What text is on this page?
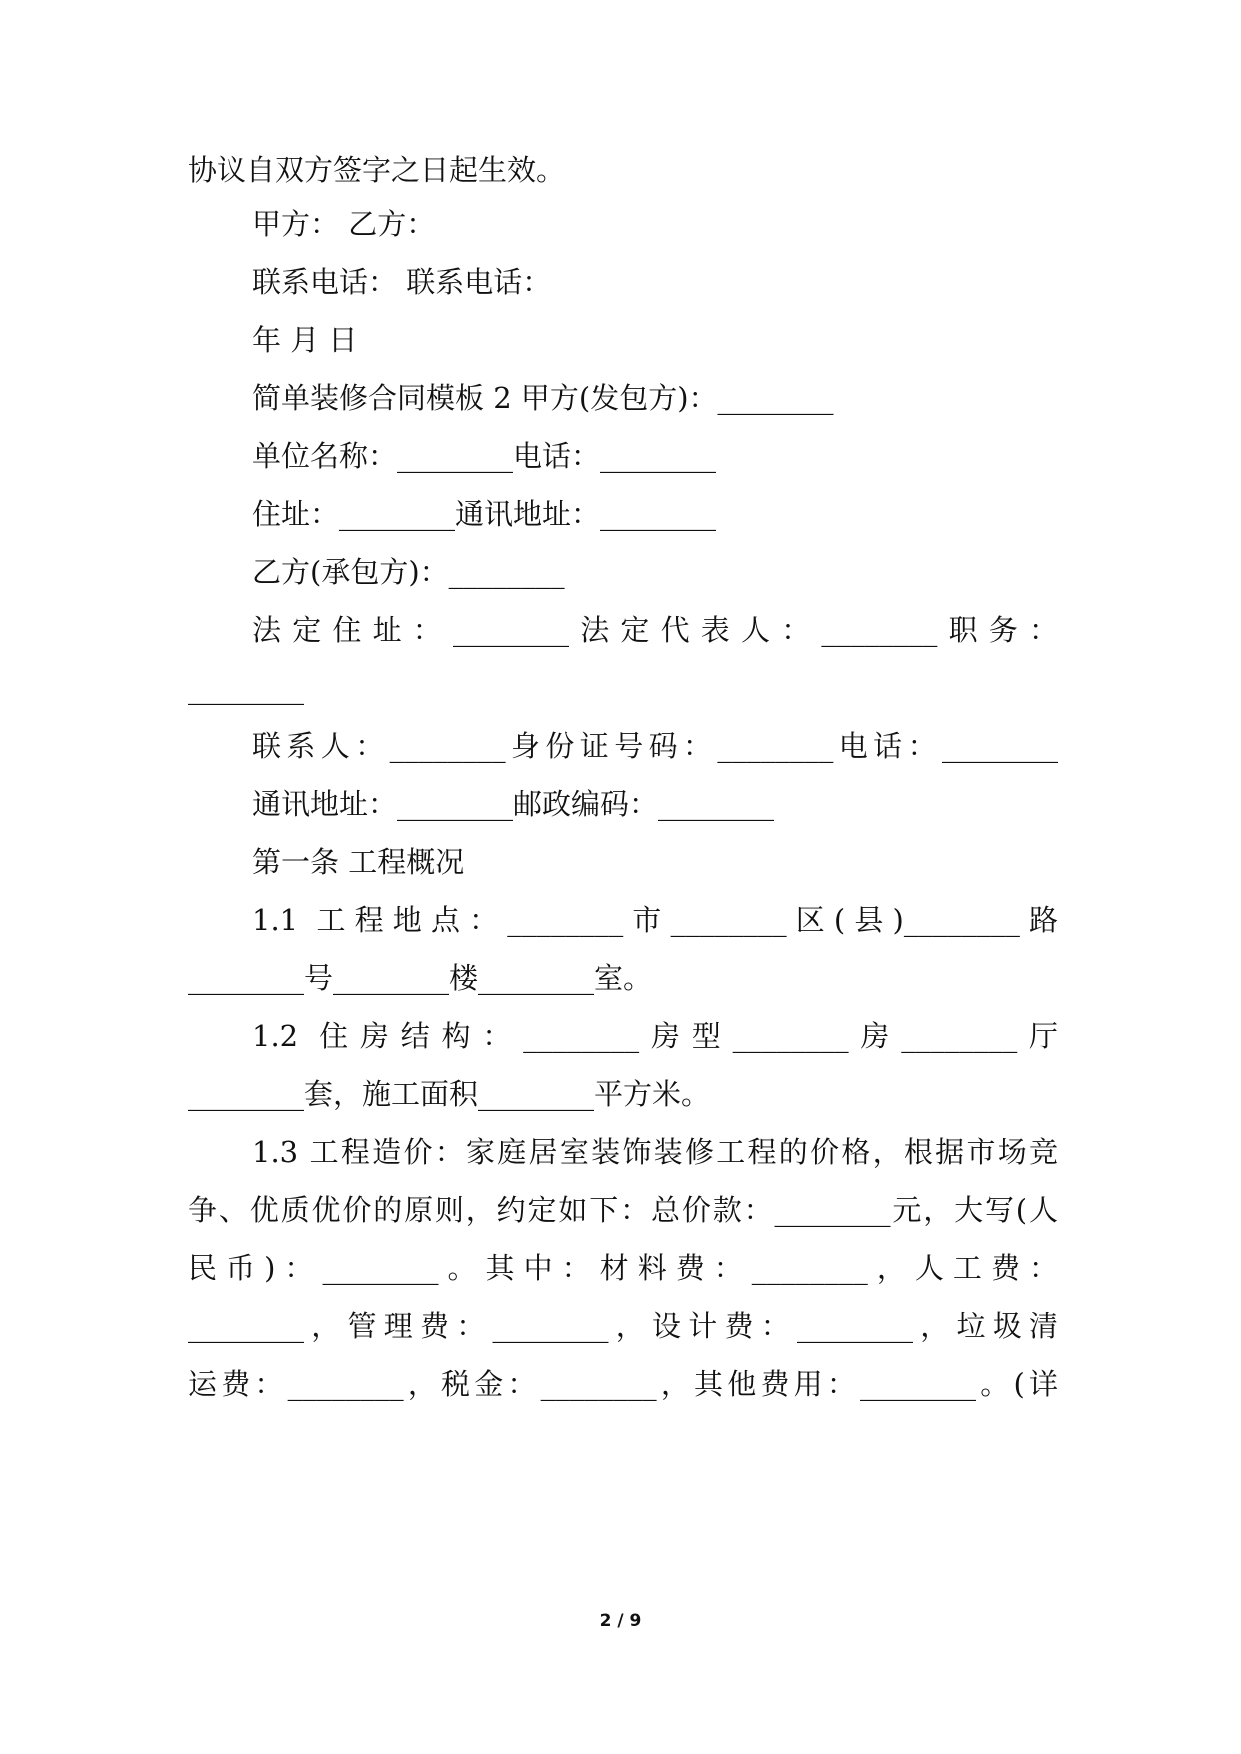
协议自双方签字之日起生效。
甲方： 乙方：
联系电话： 联系电话：
年 月 日
简单装修合同模板 2 甲方(发包方)：________
单位名称：________电话：________
住址：________通讯地址：________
乙方(承包方)：________
法定住址：________法定代表人：________职务：
________
联系人：________身份证号码：________电话：________
通讯地址：________邮政编码：________
第一条 工程概况
1.1 工程地点：________市________区(县)________路
________号________楼________室。
1.2 住房结构：________房型________房________厅
________套，施工面积________平方米。
1.3 工程造价：家庭居室装饰装修工程的价格，根据市场竞
争、优质优价的原则，约定如下：总价款：________元，大写(人
民币)：________。其中：材料费：________，人工费：
________，管理费：________，设计费：________，垃圾清
运费：________，税金：________，其他费用：________。(详
2 / 9
